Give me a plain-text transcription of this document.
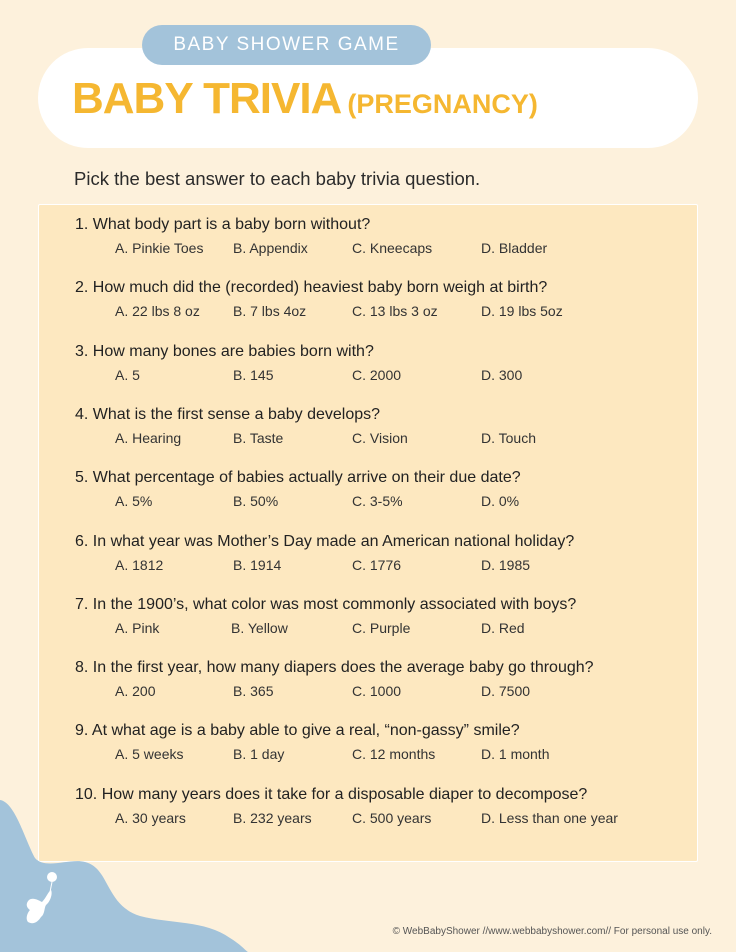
BABY SHOWER GAME
BABY TRIVIA (PREGNANCY)
Pick the best answer to each baby trivia question.
1. What body part is a baby born without?
A. Pinkie Toes B. Appendix	C. Kneecaps	D. Bladder
2. How much did the (recorded) heaviest baby born weigh at birth?
A. 22 lbs 8 oz B. 7 lbs 4oz	C. 13 lbs 3 oz	D. 19 lbs 5oz
3. How many bones are babies born with?
A. 5	B. 145	C. 2000	D. 300
4. What is the first sense a baby develops?
A. Hearing	B. Taste	C. Vision	D. Touch
5. What percentage of babies actually arrive on their due date?
A. 5%	B. 50%	C. 3-5%	D. 0%
6. In what year was Mother’s Day made an American national holiday?
A. 1812	B. 1914	C. 1776	D. 1985
7. In the 1900’s, what color was most commonly associated with boys?
A. Pink	B. Yellow	C. Purple	D. Red
8. In the first year, how many diapers does the average baby go through?
A. 200	B. 365	C. 1000	D. 7500
9. At what age is a baby able to give a real, “non-gassy” smile?
A. 5 weeks	B. 1 day	C. 12 months	D. 1 month
10. How many years does it take for a disposable diaper to decompose?
A. 30 years	B. 232 years	C. 500 years	D. Less than one year
© WebBabyShower //www.webbabyshower.com// For personal use only.
